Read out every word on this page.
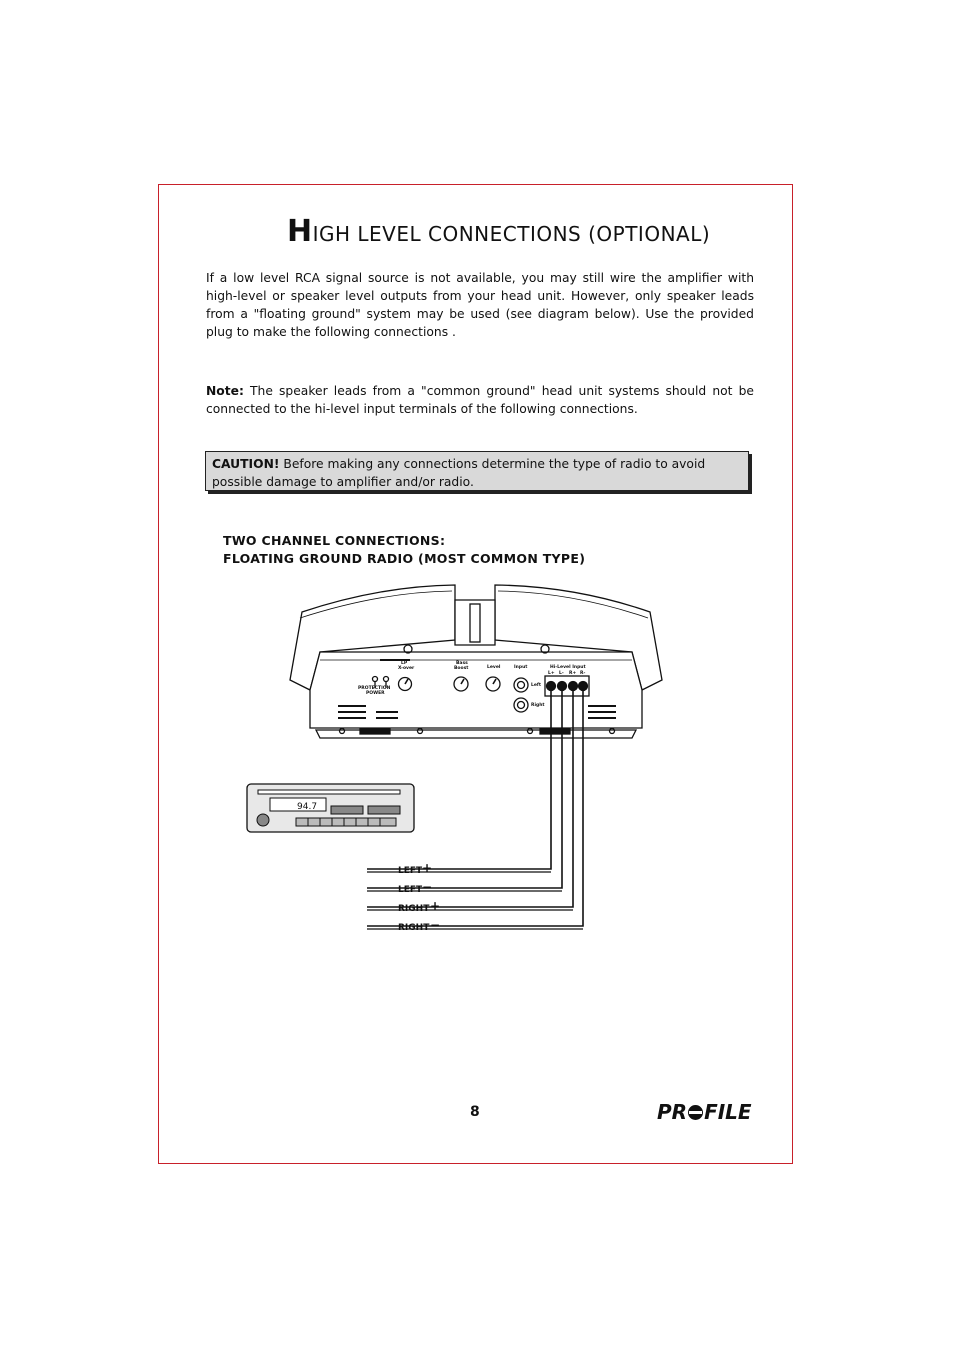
HIGH LEVEL CONNECTIONS (OPTIONAL)
If a low level RCA signal source is not available, you may still wire the amplifier with high-level or speaker level outputs from your head unit. However, only speaker leads from a "floating ground" system may be used (see diagram below). Use the provided plug to make the following connections .
Note: The speaker leads from a "common ground" head unit systems should not be connected to the hi-level input terminals of the following connections.
CAUTION! Before making any connections determine the type of radio to avoid possible damage to amplifier and/or radio.
TWO CHANNEL CONNECTIONS:
FLOATING GROUND RADIO (MOST COMMON TYPE)
LP
X-over
PROTECTION
POWER
Bass
Boost	Level	Input
Left
Right
Hi-Level Input
L+ L- R+ R-
LEFT +
LEFT −
RIGHT +
RIGHT −
94.7
8	PR FILE
